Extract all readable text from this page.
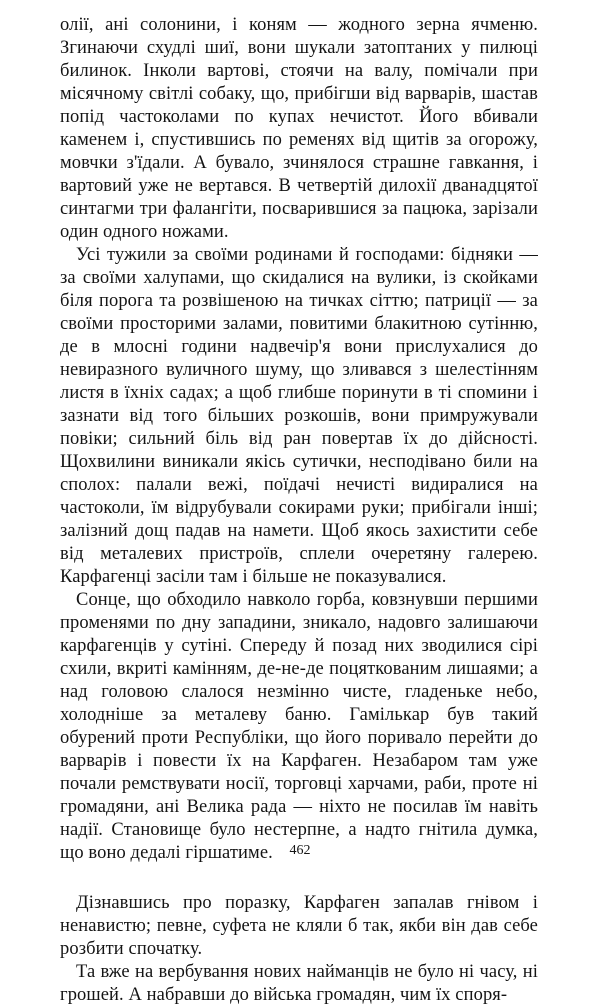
олії, ані солонини, і коням — жодного зерна ячменю. Згинаючи схудлі шиї, вони шукали затоптаних у пилюці билинок. Інколи вартові, стоячи на валу, помічали при місячному світлі собаку, що, прибігши від варварів, шастав попід частоколами по купах нечистот. Його вбивали каменем і, спустившись по ременях від щитів за огорожу, мовчки з'їдали. А бувало, зчинялося страшне гавкання, і вартовий уже не вертався. В четвертій дилохії дванадцятої синтагми три фалангіти, посварившися за пацюка, зарізали один одного ножами.

Усі тужили за своїми родинами й господами: бідняки — за своїми халупами, що скидалися на вулики, із скойками біля порога та розвішеною на тичках сіттю; патриції — за своїми просторими залами, повитими блакитною сутінню, де в млосні години надвечір'я вони прислухалися до невиразного вуличного шуму, що зливався з шелестінням листя в їхніх садах; а щоб глибше поринути в ті спомини і зазнати від того більших розкошів, вони примружували повіки; сильний біль від ран повертав їх до дійсності. Щохвилини виникали якісь сутички, несподівано били на сполох: палали вежі, поїдачі нечисті видиралися на частоколи, їм відрубували сокирами руки; прибігали інші; залізний дощ падав на намети. Щоб якось захистити себе від металевих пристроїв, сплели очеретяну галерею. Карфагенці засіли там і більше не показувалися.

Сонце, що обходило навколо горба, ковзнувши першими променями по дну западини, зникало, надовго залишаючи карфагенців у сутіні. Спереду й позад них зводилися сірі схили, вкриті камінням, де-не-де поцяткованим лишаями; а над головою слалося незмінно чисте, гладеньке небо, холодніше за металеву баню. Гамількар був такий обурений проти Республіки, що його поривало перейти до варварів і повести їх на Карфаген. Незабаром там уже почали ремствувати носії, торговці харчами, раби, проте ні громадяни, ані Велика рада — ніхто не посилав їм навіть надії. Становище було нестерпне, а надто гнітила думка, що воно дедалі гіршатиме.

Дізнавшись про поразку, Карфаген запалав гнівом і ненавистю; певне, суфета не кляли б так, якби він дав себе розбити спочатку.

Та вже на вербування нових найманців не було ні часу, ні грошей. А набравши до війська громадян, чим їх споря-

462
